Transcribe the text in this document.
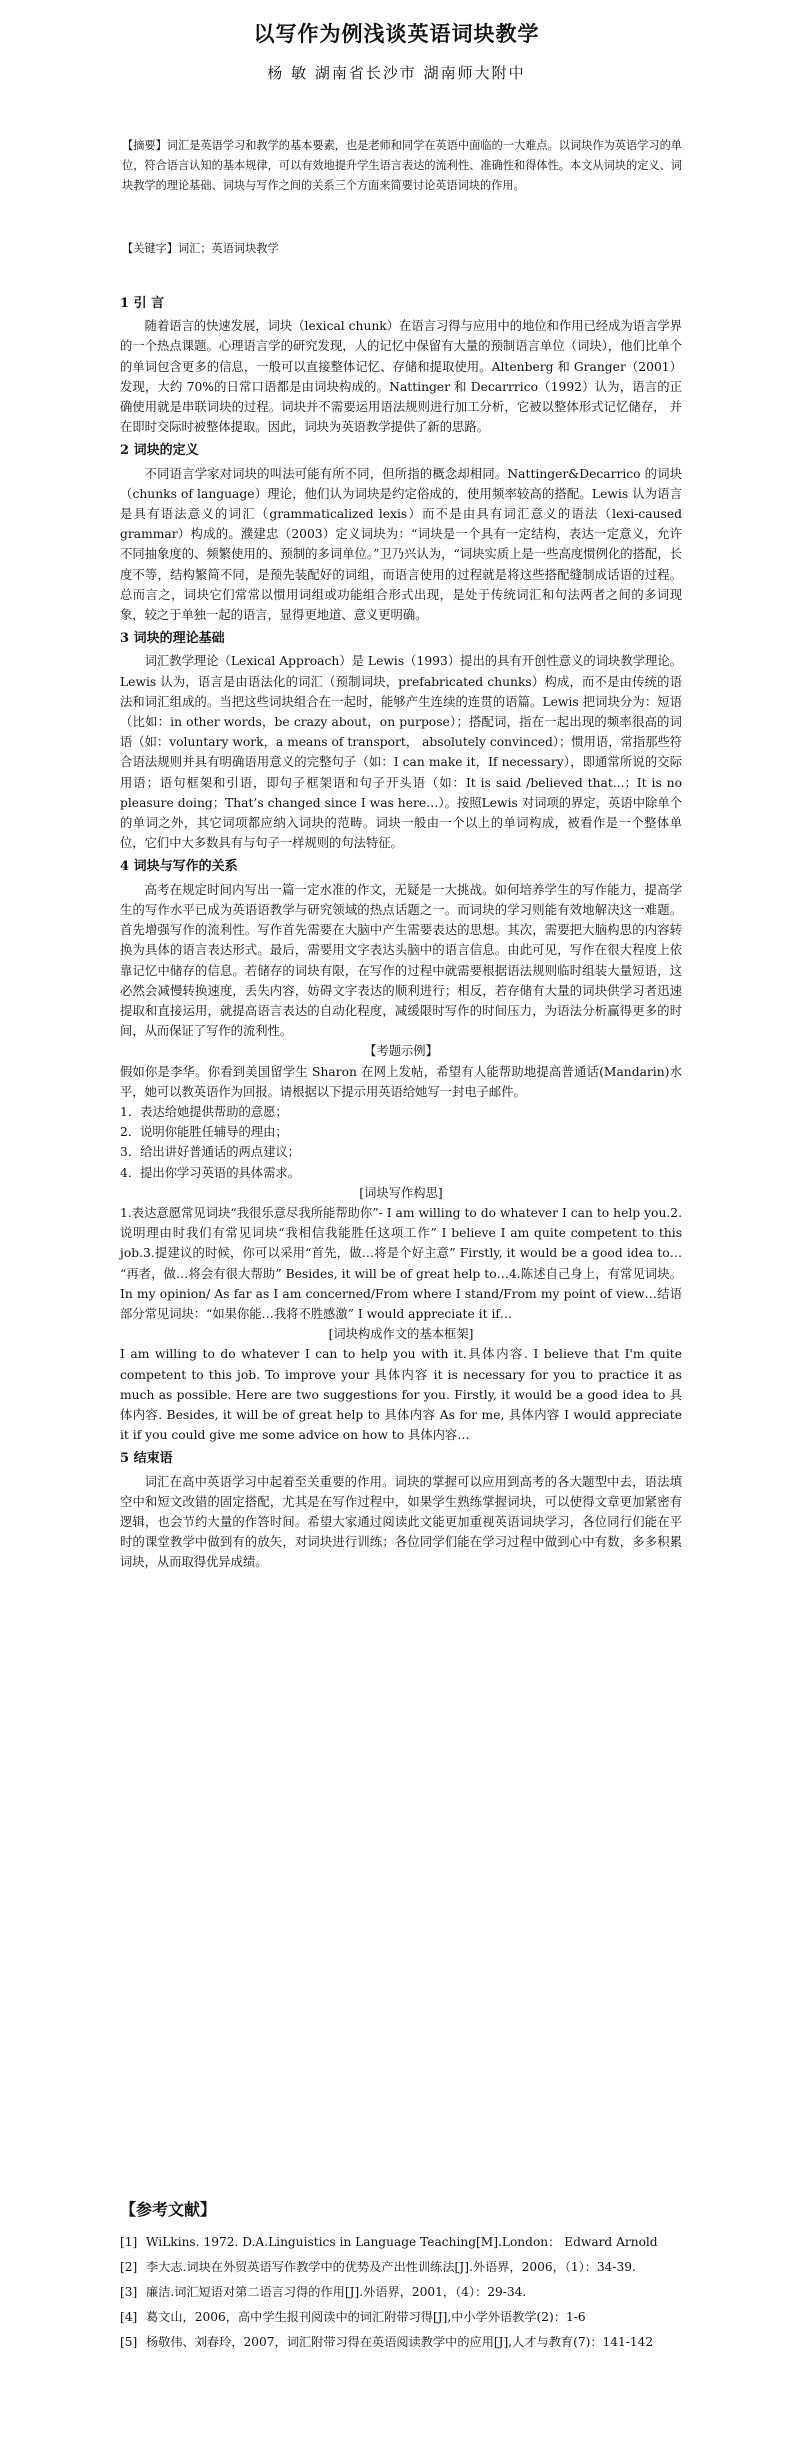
以写作为例浅谈英语词块教学
杨 敏 湖南省长沙市 湖南师大附中

【摘要】词汇是英语学习和教学的基本要素，也是老师和同学在英语中面临的一大难点。以词块作为英语学习的单位，符合语言认知的基本规律，可以有效地提升学生语言表达的流利性、准确性和得体性。本文从词块的定义、词块教学的理论基础、词块与写作之间的关系三个方面来简要讨论英语词块的作用。

【关键字】词汇；英语词块教学
1 引 言

随着语言的快速发展，词块（lexical chunk）在语言习得与应用中的地位和作用已经成为语言学界的一个热点课题。心理语言学的研究发现，人的记忆中保留有大量的预制语言单位（词块），他们比单个的单词包含更多的信息，一般可以直接整体记忆、存储和提取使用。Altenberg 和 Granger（2001）发现，大约 70%的日常口语都是由词块构成的。Nattinger 和 Decarrrico（1992）认为，语言的正确使用就是串联词块的过程。词块并不需要运用语法规则进行加工分析，它被以整体形式记忆储存， 并在即时交际时被整体提取。因此，词块为英语教学提供了新的思路。

2 词块的定义

不同语言学家对词块的叫法可能有所不同，但所指的概念却相同。Nattinger&Decarrico 的词块（chunks of language）理论，他们认为词块是约定俗成的，使用频率较高的搭配。Lewis 认为语言是具有语法意义的词汇（grammaticalized lexis）而不是由具有词汇意义的语法（lexi-caused grammar）构成的。濮建忠（2003）定义词块为：“词块是一个具有一定结构，表达一定意义，允许不同抽象度的、频繁使用的、预制的多词单位。”卫乃兴认为，“词块实质上是一些高度惯例化的搭配，长度不等，结构繁简不同，是预先装配好的词组，而语言使用的过程就是将这些搭配缝制成话语的过程。总而言之，词块它们常常以惯用词组或功能组合形式出现，是处于传统词汇和句法两者之间的多词现象，较之于单独一起的语言，显得更地道、意义更明确。

3 词块的理论基础

词汇教学理论（Lexical Approach）是 Lewis（1993）提出的具有开创性意义的词块教学理论。Lewis 认为，语言是由语法化的词汇（预制词块，prefabricated chunks）构成，而不是由传统的语法和词汇组成的。当把这些词块组合在一起时，能够产生连续的连贯的语篇。Lewis 把词块分为：短语（比如：in other words，be crazy about，on purpose）；搭配词，指在一起出现的频率很高的词语（如：voluntary work，a means of transport， absolutely convinced）；惯用语，常指那些符合语法规则并具有明确语用意义的完整句子（如：I can make it，If necessary），即通常所说的交际用语；语句框架和引语，即句子框架语和句子开头语（如：It is said /believed that...；It is no pleasure doing；That’s changed since I was here…）。按照Lewis 对词项的界定，英语中除单个的单词之外，其它词项都应纳入词块的范畴。词块一般由一个以上的单词构成，被看作是一个整体单位，它们中大多数具有与句子一样规则的句法特征。

4 词块与写作的关系

高考在规定时间内写出一篇一定水准的作文，无疑是一大挑战。如何培养学生的写作能力，提高学生的写作水平已成为英语语教学与研究领域的热点话题之一。而词块的学习则能有效地解决这一难题。首先增强写作的流利性。写作首先需要在大脑中产生需要表达的思想。其次，需要把大脑构思的内容转换为具体的语言表达形式。最后，需要用文字表达头脑中的语言信息。由此可见，写作在很大程度上依靠记忆中储存的信息。若储存的词块有限，在写作的过程中就需要根据语法规则临时组装大量短语，这必然会减慢转换速度，丢失内容，妨碍文字表达的顺利进行；相反，若存储有大量的词块供学习者迅速提取和直接运用，就提高语言表达的自动化程度，减缓限时写作的时间压力，为语法分析赢得更多的时间，从而保证了写作的流利性。

【考题示例】

假如你是李华。你看到美国留学生 Sharon 在网上发帖，希望有人能帮助地提高普通话(Mandarin)水平，她可以教英语作为回报。请根据以下提示用英语给她写一封电子邮件。

1．表达给她提供帮助的意愿；

2．说明你能胜任辅导的理由；

3．给出讲好普通话的两点建议；

4．提出你学习英语的具体需求。

[词块写作构思]

1.表达意愿常见词块“我很乐意尽我所能帮助你”- I am willing to do whatever I can to help you.2.说明理由时我们有常见词块“我相信我能胜任这项工作” I believe I am quite competent to this job.3.提建议的时候，你可以采用“首先，做…将是个好主意” Firstly, it would be a good idea to… “再者，做…将会有很大帮助” Besides, it will be of great help to…4.陈述自己身上，有常见词块。In my opinion/ As far as I am concerned/From where I stand/From my point of view…结语部分常见词块：“如果你能…我将不胜感激” I would appreciate it if…

[词块构成作文的基本框架]

I am willing to do whatever I can to help you with it.具体内容. I believe that I'm quite competent to this job. To improve your 具体内容 it is necessary for you to practice it as much as possible. Here are two suggestions for you. Firstly, it would be a good idea to 具体内容. Besides, it will be of great help to 具体内容 As for me, 具体内容 I would appreciate it if you could give me some advice on how to 具体内容…

5 结束语

词汇在高中英语学习中起着至关重要的作用。词块的掌握可以应用到高考的各大题型中去，语法填空中和短文改错的固定搭配，尤其是在写作过程中，如果学生熟练掌握词块，可以使得文章更加紧密有逻辑，也会节约大量的作答时间。希望大家通过阅读此文能更加重视英语词块学习，各位同行们能在平时的课堂教学中做到有的放矢，对词块进行训练；各位同学们能在学习过程中做到心中有数，多多积累词块，从而取得优异成绩。

【参考文献】
[1] WiLkins. 1972. D.A.Linguistics in Language Teaching[M].London： Edward Arnold
[2] 李大志.词块在外贸英语写作教学中的优势及产出性训练法[J].外语界，2006，（1）：34-39.
[3] 廉洁.词汇短语对第二语言习得的作用[J].外语界，2001，（4）：29-34.
[4] 葛文山，2006，高中学生报刊阅读中的词汇附带习得[J],中小学外语教学(2)：1-6
[5] 杨敬伟、刘春玲，2007，词汇附带习得在英语阅读教学中的应用[J],人才与教育(7)：141-142
